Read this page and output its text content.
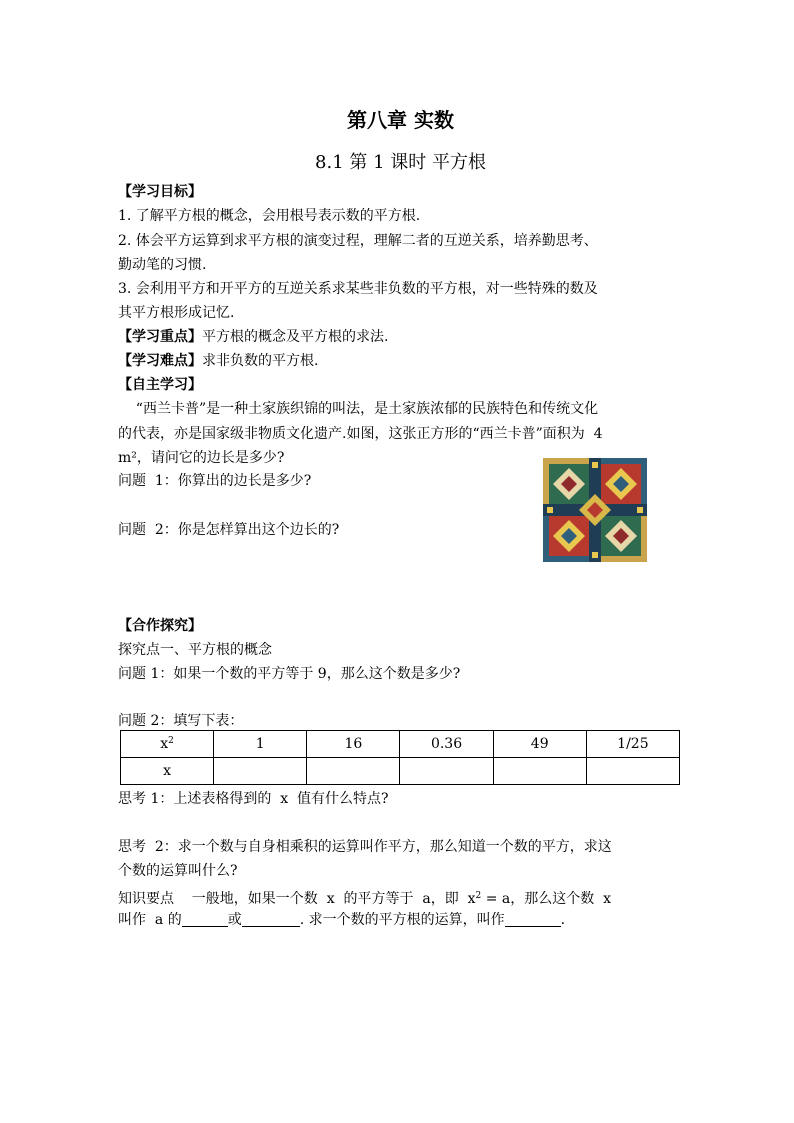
第八章 实数
8.1 第 1 课时 平方根
【学习目标】
1. 了解平方根的概念，会用根号表示数的平方根.
2. 体会平方运算到求平方根的演变过程，理解二者的互逆关系，培养勤思考、
勤动笔的习惯.
3. 会利用平方和开平方的互逆关系求某些非负数的平方根，对一些特殊的数及
其平方根形成记忆.
【学习重点】平方根的概念及平方根的求法.
【学习难点】求非负数的平方根.
【自主学习】
“西兰卡普”是一种土家族织锦的叫法，是土家族浓郁的民族特色和传统文化
的代表，亦是国家级非物质文化遗产.如图，这张正方形的“西兰卡普”面积为  4
m²，请问它的边长是多少?
问题  1：你算出的边长是多少?
问题  2：你是怎样算出这个边长的?
【合作探究】
探究点一、平方根的概念
问题 1：如果一个数的平方等于 9，那么这个数是多少?
问题 2：填写下表：
$x^2$	1	16	0.36	49	1/25
x					
思考 1：上述表格得到的  x  值有什么特点?
思考  2：求一个数与自身相乘积的运算叫作平方，那么知道一个数的平方，求这
个数的运算叫什么?
知识要点    一般地，如果一个数  x  的平方等于  a，即  $x^2 = a$，那么这个数  x
叫作  a 的	或	. 求一个数的平方根的运算，叫作	.
